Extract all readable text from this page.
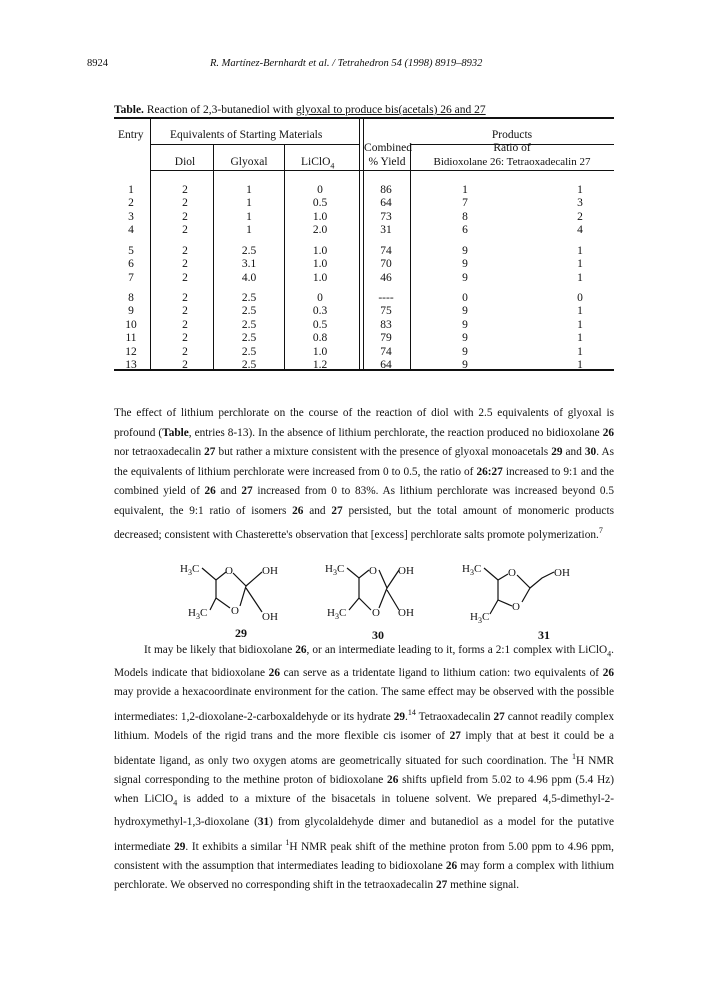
8924	R. Martínez-Bernhardt et al. / Tetrahedron 54 (1998) 8919–8932
Table. Reaction of 2,3-butanediol with glyoxal to produce bis(acetals) 26 and 27
Entry Equivalents of Starting Materials
Diol	Glyoxal	LiClO$_4$
Combined
% Yield
Products
Ratio of
Bidioxolane 26: Tetraoxadecalin 27
1	2	1	0	86	1	1
2	2	1	0.5	64	7	3
3	2	1	1.0	73	8	2
4	2	1	2.0	31	6	4
5	2	2.5	1.0	74	9	1
6	2	3.1	1.0	70	9	1
7	2	4.0	1.0	46	9	1
8	2	2.5	0	----	0	0
9	2	2.5	0.3	75	9	1
10	2	2.5	0.5	83	9	1
11	2	2.5	0.8	79	9	1
12	2	2.5	1.0	74	9	1
13	2	2.5	1.2	64	9	1

The effect of lithium perchlorate on the course of the reaction of diol with 2.5 equivalents of glyoxal is profound (Table, entries 8-13). In the absence of lithium perchlorate, the reaction produced no bidioxolane 26 nor tetraoxadecalin 27 but rather a mixture consistent with the presence of glyoxal monoacetals 29 and 30. As the equivalents of lithium perchlorate were increased from 0 to 0.5, the ratio of 26:27 increased to 9:1 and the combined yield of 26 and 27 increased from 0 to 83%. As lithium perchlorate was increased beyond 0.5 equivalent, the 9:1 ratio of isomers 26 and 27 persisted, but the total amount of monomeric products decreased; consistent with Chasterette's observation that [excess] perchlorate salts promote polymerization.$^7$

$H_3C$
$H_3C$
O
O
OH
OH
29
$H_3C$
$H_3C$
O
O
OH
OH
30
$H_3C$
$H_3C$
O
O
OH
31

It may be likely that bidioxolane 26, or an intermediate leading to it, forms a 2:1 complex with LiClO$_4$. Models indicate that bidioxolane 26 can serve as a tridentate ligand to lithium cation: two equivalents of 26 may provide a hexacoordinate environment for the cation. The same effect may be observed with the possible intermediates: 1,2-dioxolane-2-carboxaldehyde or its hydrate 29.14 Tetraoxadecalin 27 cannot readily complex lithium. Models of the rigid trans and the more flexible cis isomer of 27 imply that at best it could be a bidentate ligand, as only two oxygen atoms are geometrically situated for such coordination. The $^1$H NMR signal corresponding to the methine proton of bidioxolane 26 shifts upfield from 5.02 to 4.96 ppm (5.4 Hz) when LiClO$_4$ is added to a mixture of the bisacetals in toluene solvent. We prepared 4,5-dimethyl-2-hydroxymethyl-1,3-dioxolane (31) from glycolaldehyde dimer and butanediol as a model for the putative intermediate 29. It exhibits a similar $^1$H NMR peak shift of the methine proton from 5.00 ppm to 4.96 ppm, consistent with the assumption that intermediates leading to bidioxolane 26 may form a complex with lithium perchlorate. We observed no corresponding shift in the tetraoxadecalin 27 methine signal.
